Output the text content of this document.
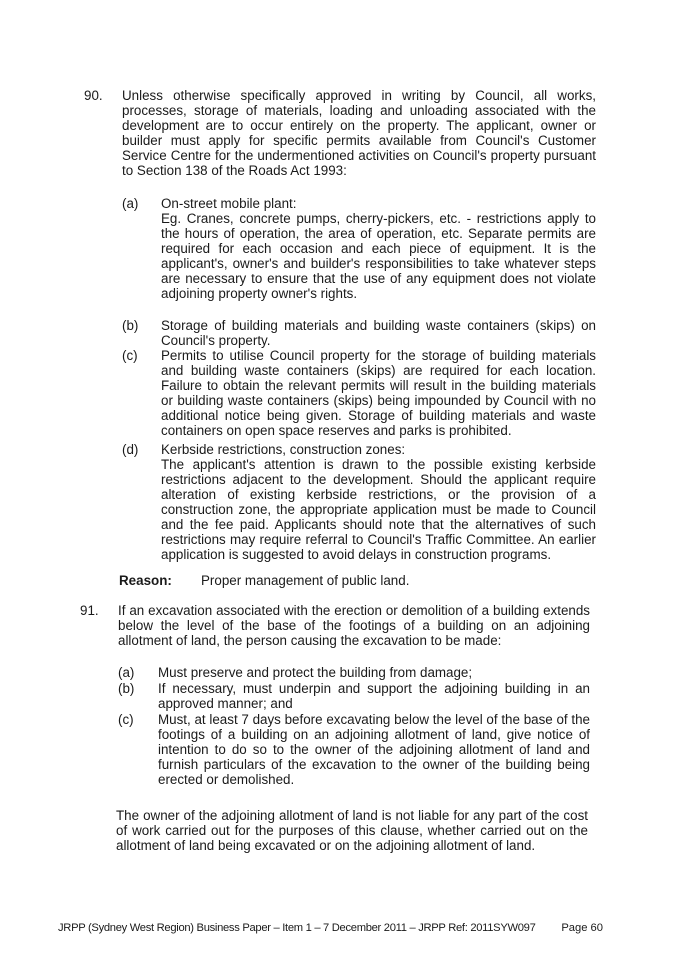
90. Unless otherwise specifically approved in writing by Council, all works, processes, storage of materials, loading and unloading associated with the development are to occur entirely on the property. The applicant, owner or builder must apply for specific permits available from Council's Customer Service Centre for the undermentioned activities on Council's property pursuant to Section 138 of the Roads Act 1993:

(a) On-street mobile plant:

Eg. Cranes, concrete pumps, cherry-pickers, etc. - restrictions apply to the hours of operation, the area of operation, etc. Separate permits are required for each occasion and each piece of equipment. It is the applicant's, owner's and builder's responsibilities to take whatever steps are necessary to ensure that the use of any equipment does not violate adjoining property owner's rights.

(b) Storage of building materials and building waste containers (skips) on Council's property.

(c) Permits to utilise Council property for the storage of building materials and building waste containers (skips) are required for each location. Failure to obtain the relevant permits will result in the building materials or building waste containers (skips) being impounded by Council with no additional notice being given. Storage of building materials and waste containers on open space reserves and parks is prohibited.

(d) Kerbside restrictions, construction zones:

The applicant's attention is drawn to the possible existing kerbside restrictions adjacent to the development. Should the applicant require alteration of existing kerbside restrictions, or the provision of a construction zone, the appropriate application must be made to Council and the fee paid. Applicants should note that the alternatives of such restrictions may require referral to Council's Traffic Committee. An earlier application is suggested to avoid delays in construction programs.

Reason: Proper management of public land.
91. If an excavation associated with the erection or demolition of a building extends below the level of the base of the footings of a building on an adjoining allotment of land, the person causing the excavation to be made:

(a) Must preserve and protect the building from damage;

(b) If necessary, must underpin and support the adjoining building in an approved manner; and

(c) Must, at least 7 days before excavating below the level of the base of the footings of a building on an adjoining allotment of land, give notice of intention to do so to the owner of the adjoining allotment of land and furnish particulars of the excavation to the owner of the building being erected or demolished.

The owner of the adjoining allotment of land is not liable for any part of the cost of work carried out for the purposes of this clause, whether carried out on the allotment of land being excavated or on the adjoining allotment of land.

JRPP (Sydney West Region) Business Paper – Item 1 – 7 December 2011 – JRPP Ref: 2011SYW097 Page 60
